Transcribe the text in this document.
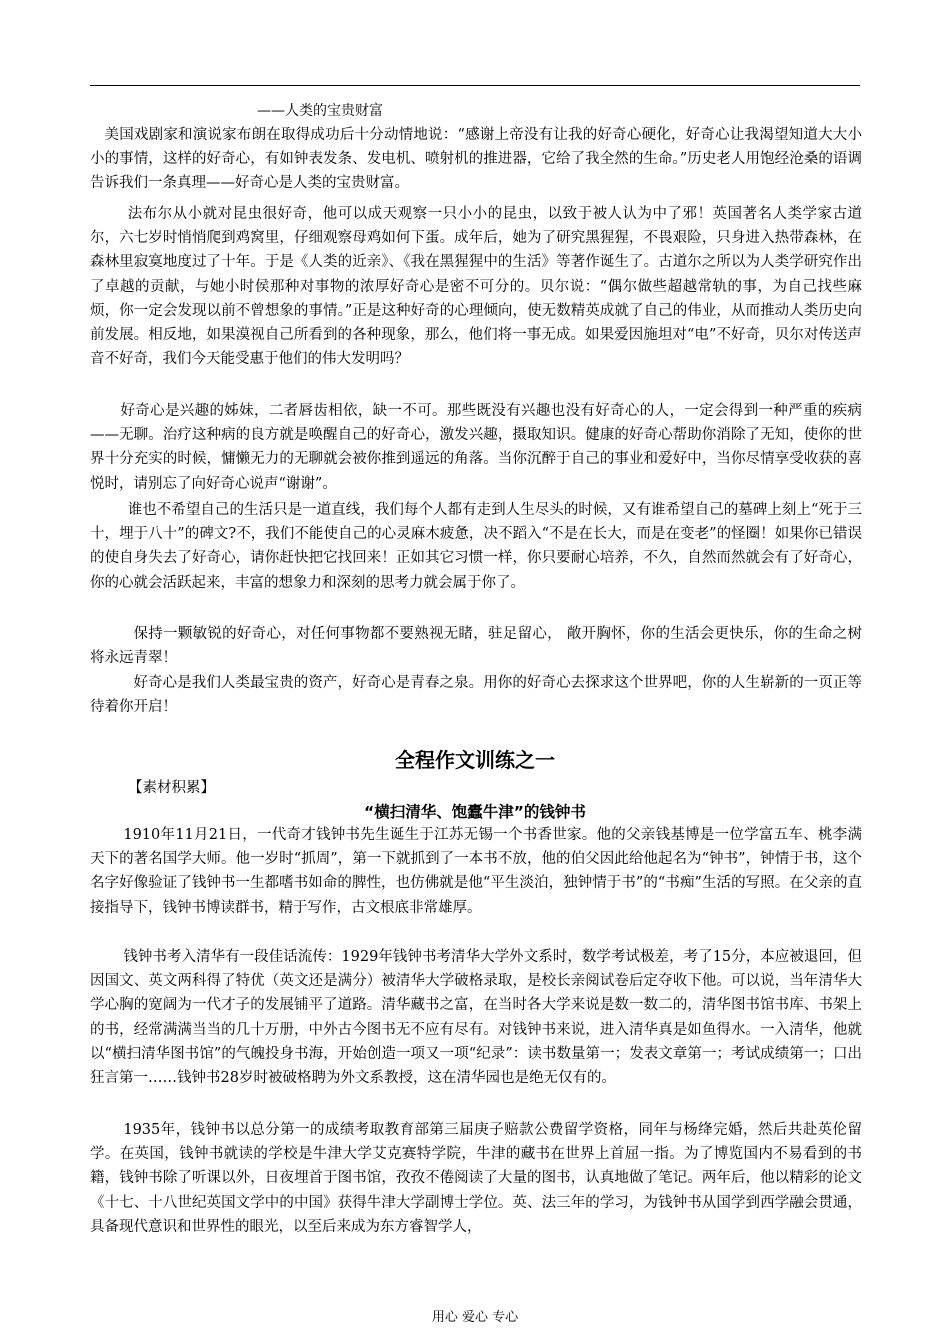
——人类的宝贵财富

美国戏剧家和演说家布朗在取得成功后十分动情地说：“感谢上帝没有让我的好奇心硬化，好奇心让我渴望知道大大小小的事情，这样的好奇心，有如钟表发条、发电机、喷射机的推进器，它给了我全然的生命。”历史老人用饱经沧桑的语调告诉我们一条真理——好奇心是人类的宝贵财富。

法布尔从小就对昆虫很好奇，他可以成天观察一只小小的昆虫，以致于被人认为中了邪！英国著名人类学家古道尔，六七岁时悄悄爬到鸡窝里，仔细观察母鸡如何下蛋。成年后，她为了研究黑猩猩，不畏艰险，只身进入热带森林，在森林里寂寞地度过了十年。于是《人类的近亲》、《我在黑猩猩中的生活》等著作诞生了。古道尔之所以为人类学研究作出了卓越的贡献，与她小时侯那种对事物的浓厚好奇心是密不可分的。贝尔说：“偶尔做些超越常轨的事，为自己找些麻烦，你一定会发现以前不曾想象的事情。”正是这种好奇的心理倾向，使无数精英成就了自己的伟业，从而推动人类历史向前发展。相反地，如果漠视自己所看到的各种现象，那么，他们将一事无成。如果爱因施坦对“电”不好奇，贝尔对传送声音不好奇，我们今天能受惠于他们的伟大发明吗？

好奇心是兴趣的姊妹，二者唇齿相依，缺一不可。那些既没有兴趣也没有好奇心的人，一定会得到一种严重的疾病——无聊。治疗这种病的良方就是唤醒自己的好奇心，激发兴趣，摄取知识。健康的好奇心帮助你消除了无知，使你的世界十分充实的时候，慵懒无力的无聊就会被你推到遥远的角落。当你沉醉于自己的事业和爱好中，当你尽情享受收获的喜悦时，请别忘了向好奇心说声“谢谢”。

谁也不希望自己的生活只是一道直线，我们每个人都有走到人生尽头的时候，又有谁希望自己的墓碑上刻上“死于三十，埋于八十”的碑文?不，我们不能使自己的心灵麻木疲惫，决不蹈入“不是在长大，而是在变老”的怪圈！如果你已错误的使自身失去了好奇心，请你赶快把它找回来！正如其它习惯一样，你只要耐心培养，不久，自然而然就会有了好奇心，你的心就会活跃起来，丰富的想象力和深刻的思考力就会属于你了。

保持一颗敏锐的好奇心，对任何事物都不要熟视无睹，驻足留心， 敞开胸怀，你的生活会更快乐，你的生命之树将永远青翠！

好奇心是我们人类最宝贵的资产，好奇心是青春之泉。用你的好奇心去探求这个世界吧，你的人生崭新的一页正等待着你开启！

全程作文训练之一
【素材积累】
“横扫清华、饱蠹牛津”的钱钟书

1910年11月21日，一代奇才钱钟书先生诞生于江苏无锡一个书香世家。他的父亲钱基博是一位学富五车、桃李满天下的著名国学大师。他一岁时“抓周”，第一下就抓到了一本书不放，他的伯父因此给他起名为“钟书”，钟情于书，这个名字好像验证了钱钟书一生都嗜书如命的脾性，也仿佛就是他“平生淡泊，独钟情于书”的“书痴”生活的写照。在父亲的直接指导下，钱钟书博读群书，精于写作，古文根底非常雄厚。

钱钟书考入清华有一段佳话流传：1929年钱钟书考清华大学外文系时，数学考试极差，考了15分，本应被退回，但因国文、英文两科得了特优（英文还是满分）被清华大学破格录取，是校长亲阅试卷后定夺收下他。可以说，当年清华大学心胸的宽阔为一代才子的发展铺平了道路。清华藏书之富，在当时各大学来说是数一数二的，清华图书馆书库、书架上的书，经常满满当当的几十万册，中外古今图书无不应有尽有。对钱钟书来说，进入清华真是如鱼得水。一入清华，他就以“横扫清华图书馆”的气魄投身书海，开始创造一项又一项“纪录”：读书数量第一；发表文章第一；考试成绩第一；口出狂言第一……钱钟书28岁时被破格聘为外文系教授，这在清华园也是绝无仅有的。

1935年，钱钟书以总分第一的成绩考取教育部第三届庚子赔款公费留学资格，同年与杨绛完婚，然后共赴英伦留学。在英国，钱钟书就读的学校是牛津大学艾克赛特学院，牛津的藏书在世界上首屈一指。为了博览国内不易看到的书籍，钱钟书除了听课以外，日夜埋首于图书馆，孜孜不倦阅读了大量的图书，认真地做了笔记。两年后，他以精彩的论文《十七、十八世纪英国文学中的中国》获得牛津大学副博士学位。英、法三年的学习，为钱钟书从国学到西学融会贯通，具备现代意识和世界性的眼光，以至后来成为东方睿智学人，

用心 爱心 专心
